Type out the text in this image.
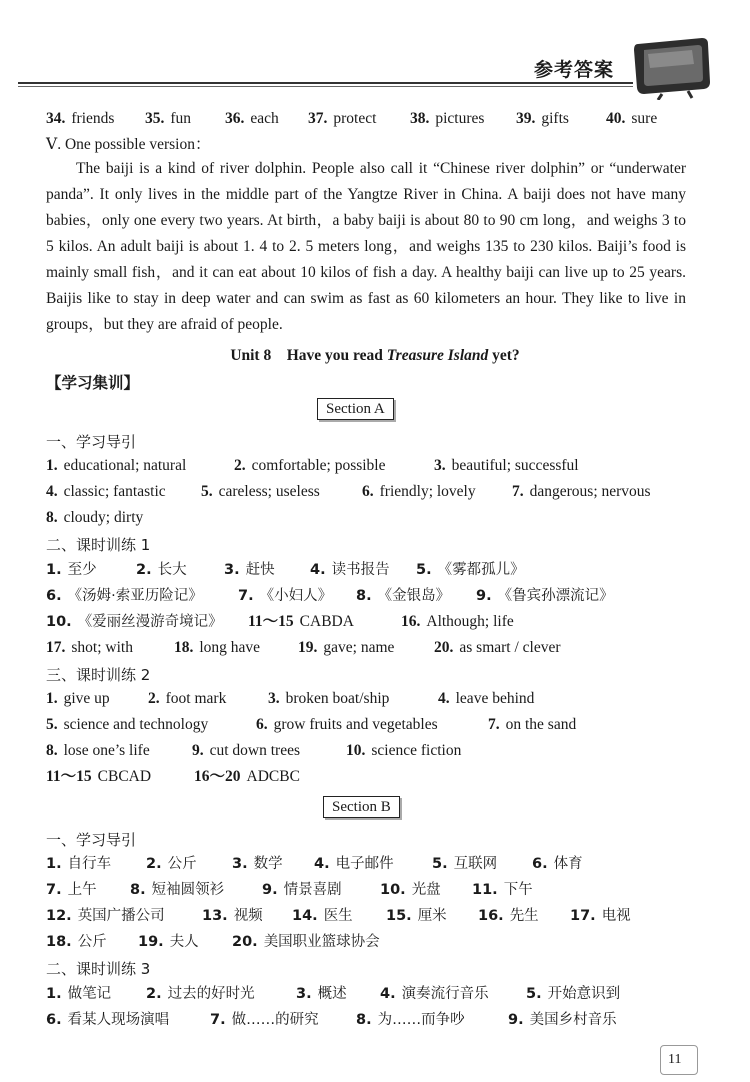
参考答案
34. friends 35. fun 36. each 37. protect 38. pictures 39. gifts 40. sure
Ⅴ. One possible version：
The baiji is a kind of river dolphin. People also call it “Chinese river dolphin” or “underwater panda”. It only lives in the middle part of the Yangtze River in China. A baiji does not have many babies，only one every two years. At birth，a baby baiji is about 80 to 90 cm long，and weighs 3 to 5 kilos. An adult baiji is about 1. 4 to 2. 5 meters long，and weighs 135 to 230 kilos. Baiji’s food is mainly small fish，and it can eat about 10 kilos of fish a day. A healthy baiji can live up to 25 years. Baijis like to stay in deep water and can swim as fast as 60 kilometers an hour. They like to live in groups，but they are afraid of people.
Unit 8　Have you read Treasure Island yet?
【学习集训】
Section A
一、学习导引
1. educational; natural	2. comfortable; possible	3. beautiful; successful
4. classic; fantastic 5. careless; useless	6. friendly; lovely 7. dangerous; nervous
8. cloudy; dirty
二、课时训练 1
1. 至少	2. 长大	3. 赶快 4. 读书报告 5. 《雾都孤儿》
6. 《汤姆·索亚历险记》 7. 《小妇人》 8. 《金银岛》 9. 《鲁宾孙漂流记》
10. 《爱丽丝漫游奇境记》 11～15 CABDA	16. Although; life
17. shot; with	18. long have 19. gave; name	20. as smart / clever
三、课时训练 2
1. give up 2. foot mark	3. broken boat/ship	4. leave behind
5. science and technology	6. grow fruits and vegetables	7. on the sand
8. lose one’s life	9. cut down trees	10. science fiction
11～15 CBCAD	16～20 ADCBC
Section B
一、学习导引
1. 自行车 2. 公斤 3. 数学 4. 电子邮件	5. 互联网 6. 体育
7. 上午 8. 短袖圆领衫	9. 情景喜剧	10. 光盘 11. 下午
12. 英国广播公司	13. 视频 14. 医生 15. 厘米 16. 先生 17. 电视
18. 公斤 19. 夫人 20. 美国职业篮球协会
二、课时训练 3
1. 做笔记 2. 过去的好时光	3. 概述 4. 演奏流行音乐	5. 开始意识到
6. 看某人现场演唱	7. 做……的研究	8. 为……而争吵	9. 美国乡村音乐
11
